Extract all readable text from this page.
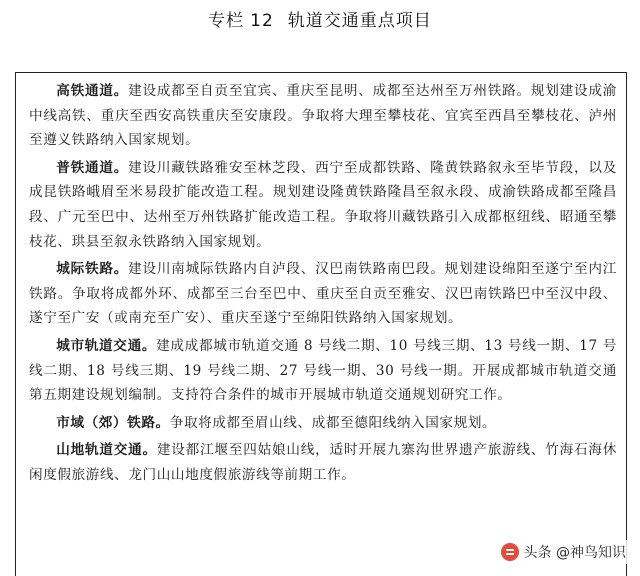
专栏 12 轨道交通重点项目

高铁通道。建设成都至自贡至宜宾、重庆至昆明、成都至达州至万州铁路。规划建设成渝中线高铁、重庆至西安高铁重庆至安康段。争取将大理至攀枝花、宜宾至西昌至攀枝花、泸州至遵义铁路纳入国家规划。

普铁通道。建设川藏铁路雅安至林芝段、西宁至成都铁路、隆黄铁路叙永至毕节段，以及成昆铁路峨眉至米易段扩能改造工程。规划建设隆黄铁路隆昌至叙永段、成渝铁路成都至隆昌段、广元至巴中、达州至万州铁路扩能改造工程。争取将川藏铁路引入成都枢纽线、昭通至攀枝花、珙县至叙永铁路纳入国家规划。

城际铁路。建设川南城际铁路内自泸段、汉巴南铁路南巴段。规划建设绵阳至遂宁至内江铁路。争取将成都外环、成都至三台至巴中、重庆至自贡至雅安、汉巴南铁路巴中至汉中段、遂宁至广安（或南充至广安）、重庆至遂宁至绵阳铁路纳入国家规划。

城市轨道交通。建成成都城市轨道交通 8 号线二期、10 号线三期、13 号线一期、17 号线二期、18 号线三期、19 号线二期、27 号线一期、30 号线一期。开展成都城市轨道交通第五期建设规划编制。支持符合条件的城市开展城市轨道交通规划研究工作。

市域（郊）铁路。争取将成都至眉山线、成都至德阳线纳入国家规划。

山地轨道交通。建设都江堰至四姑娘山线，适时开展九寨沟世界遗产旅游线、竹海石海休闲度假旅游线、龙门山山地度假旅游线等前期工作。

头条 @神鸟知识
